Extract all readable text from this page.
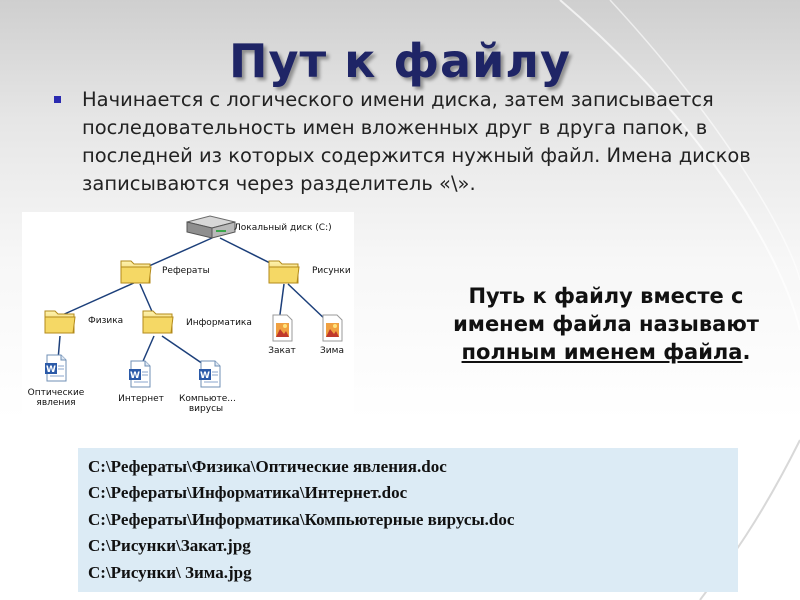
Пут к файлу
Начинается с логического имени диска, затем записывается последовательность имен вложенных друг в друга папок, в последней из которых содержится нужный файл. Имена дисков записываются через разделитель «\».
Локальный диск (C:)
Рефераты	Рисунки
Физика	Информатика
Оптические явления	Интернет	Компьюте... вирусы
Закат	Зима
Путь к файлу вместе с
именем файла называют
полным именем файла.
C:\Рефераты\Физика\Оптические явления.doc
C:\Рефераты\Информатика\Интернет.doc
C:\Рефераты\Информатика\Компьютерные вирусы.doc
C:\Рисунки\Закат.jpg
C:\Рисунки\ Зима.jpg
